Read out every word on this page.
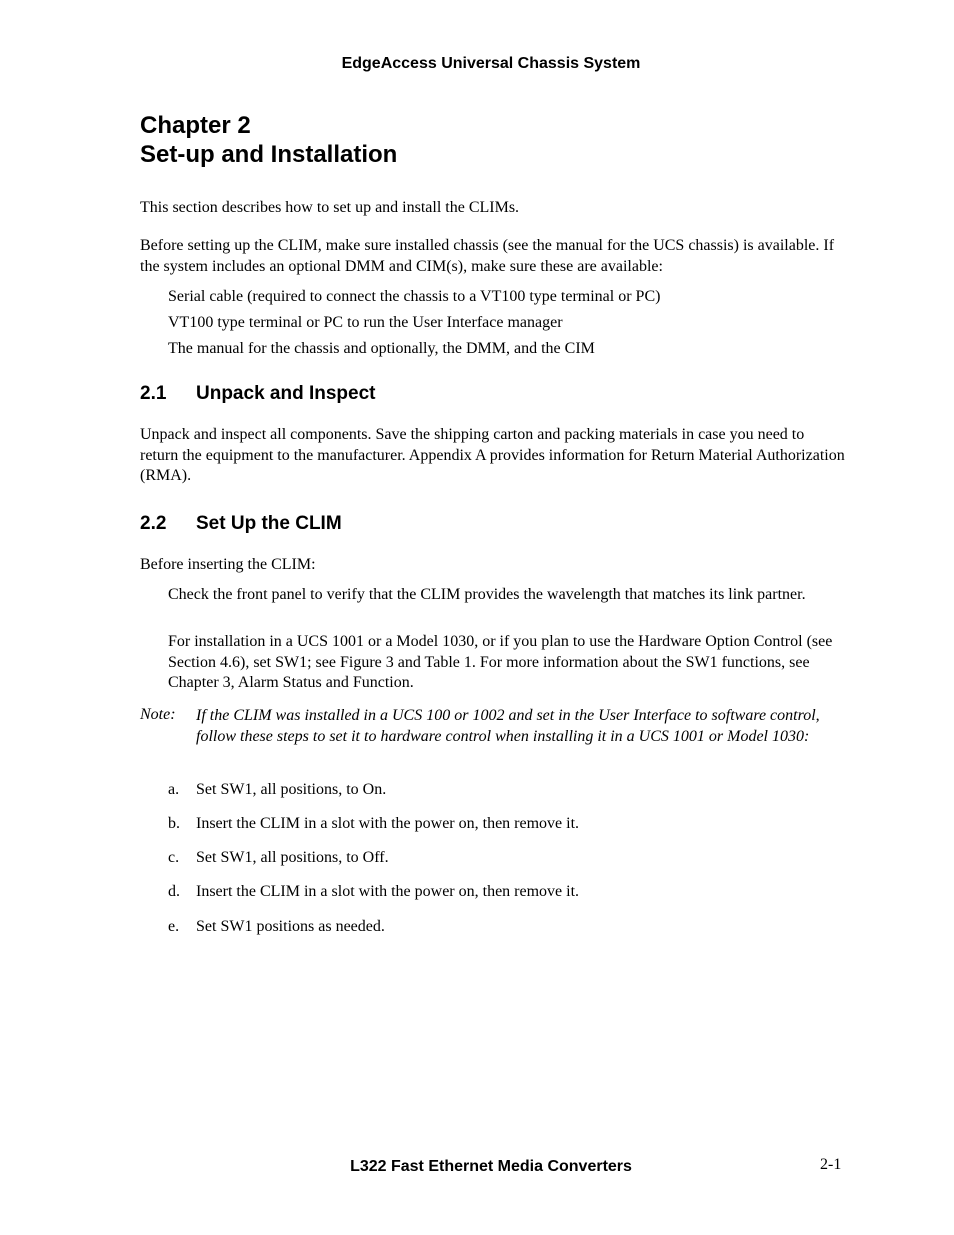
EdgeAccess Universal Chassis System
Chapter 2
Set-up and Installation
This section describes how to set up and install the CLIMs.
Before setting up the CLIM, make sure installed chassis (see the manual for the UCS chassis) is available. If the system includes an optional DMM and CIM(s), make sure these are available:
Serial cable (required to connect the chassis to a VT100 type terminal or PC)
VT100 type terminal or PC to run the User Interface manager
The manual for the chassis and optionally, the DMM, and the CIM
2.1 Unpack and Inspect
Unpack and inspect all components. Save the shipping carton and packing materials in case you need to return the equipment to the manufacturer. Appendix A provides information for Return Material Authorization (RMA).
2.2 Set Up the CLIM
Before inserting the CLIM:
Check the front panel to verify that the CLIM provides the wavelength that matches its link partner.
For installation in a UCS 1001 or a Model 1030, or if you plan to use the Hardware Option Control (see Section 4.6), set SW1; see Figure 3 and Table 1. For more information about the SW1 functions, see Chapter 3, Alarm Status and Function.
Note: If the CLIM was installed in a UCS 100 or 1002 and set in the User Interface to software control, follow these steps to set it to hardware control when installing it in a UCS 1001 or Model 1030:
a. Set SW1, all positions, to On.
b. Insert the CLIM in a slot with the power on, then remove it.
c. Set SW1, all positions, to Off.
d. Insert the CLIM in a slot with the power on, then remove it.
e. Set SW1 positions as needed.
L322 Fast Ethernet Media Converters	2-1
